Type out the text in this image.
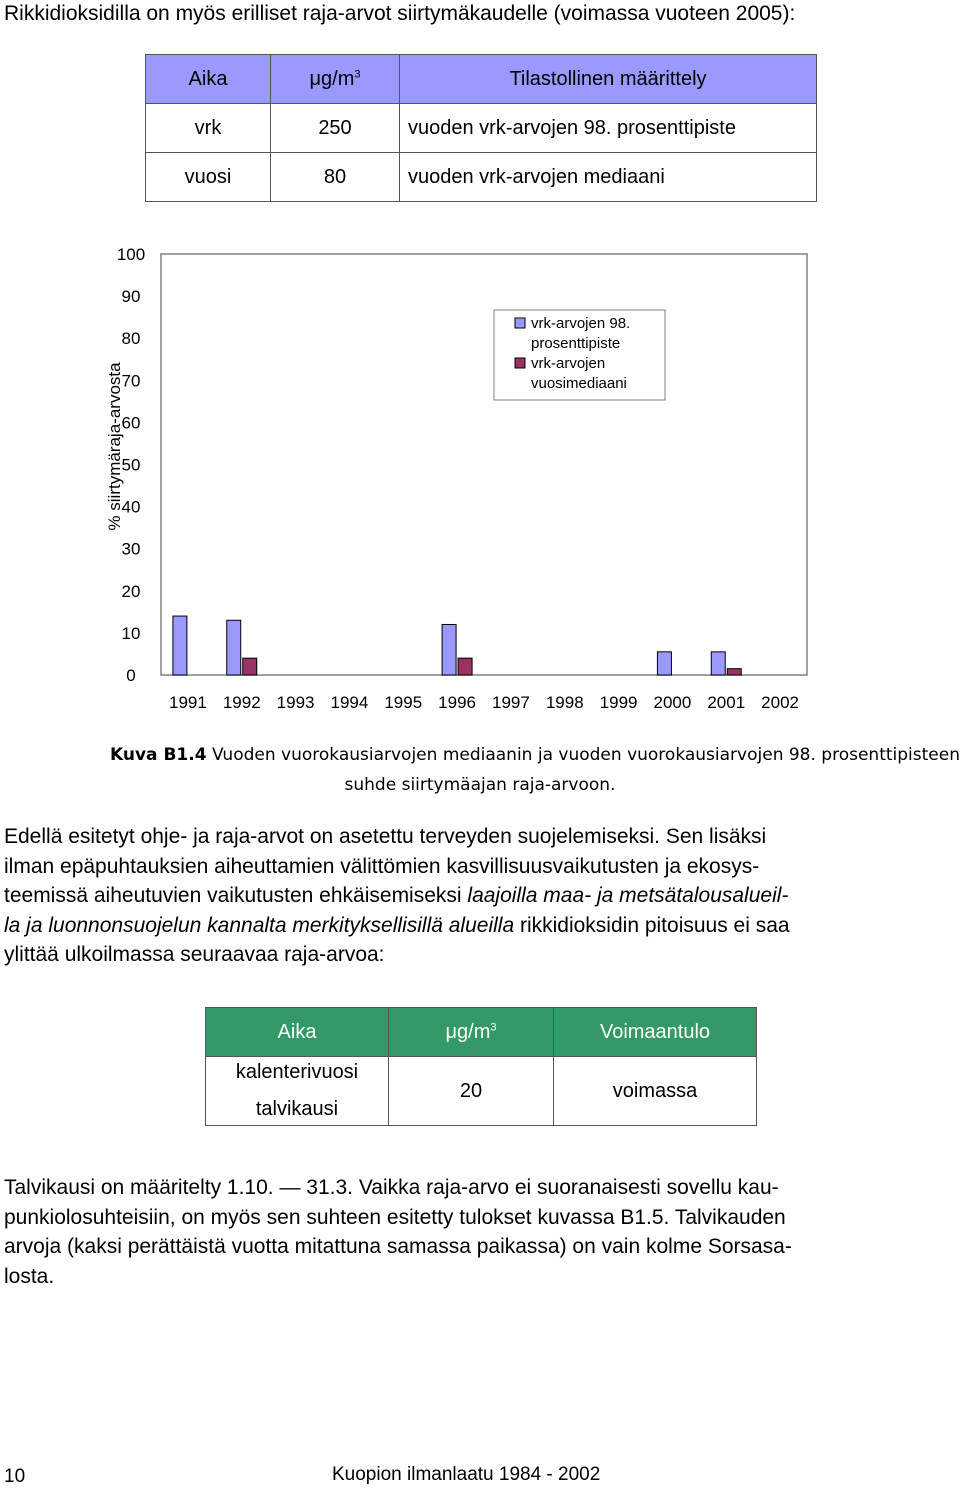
Rikkidioksidilla on myös erilliset raja-arvot siirtymäkaudelle (voimassa vuoteen 2005):
Aika	$\mu g/m^3$	Tilastollinen määrittely
vrk	250	vuoden vrk-arvojen 98. prosenttipiste
vuosi	80	vuoden vrk-arvojen mediaani
0
10
20
30
40
50
60
70
80
90
100
% siirtymäraja-arvosta
1991 1992 1993 1994 1995 1996 1997 1998 1999 2000 2001 2002
vrk-arvojen 98.
prosenttipiste
vrk-arvojen
vuosimediaani
Kuva B1.4 Vuoden vuorokausiarvojen mediaanin ja vuoden vuorokausiarvojen 98. prosenttipisteen
suhde siirtymäajan raja-arvoon.
Edellä esitetyt ohje- ja raja-arvot on asetettu terveyden suojelemiseksi. Sen lisäksi
ilman epäpuhtauksien aiheuttamien välittömien kasvillisuusvaikutusten ja ekosys-
teemissä aiheutuvien vaikutusten ehkäisemiseksi laajoilla maa- ja metsätalousalueil-
la ja luonnonsuojelun kannalta merkityksellisillä alueilla rikkidioksidin pitoisuus ei saa
ylittää ulkoilmassa seuraavaa raja-arvoa:
Aika	$\mu g/m^3$	Voimaantulo

kalenterivuosi
talvikausi	20	voimassa
Talvikausi on määritelty 1.10. — 31.3. Vaikka raja-arvo ei suoranaisesti sovellu kau-
punkiolosuhteisiin, on myös sen suhteen esitetty tulokset kuvassa B1.5. Talvikauden
arvoja (kaksi perättäistä vuotta mitattuna samassa paikassa) on vain kolme Sorsasa-
losta.
10	Kuopion ilmanlaatu 1984 - 2002
